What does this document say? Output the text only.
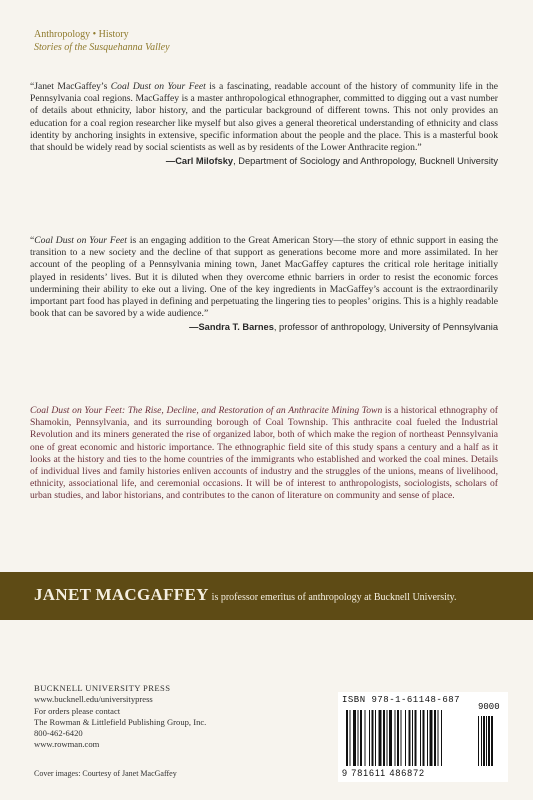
Anthropology • History
Stories of the Susquehanna Valley
“Janet MacGaffey’s Coal Dust on Your Feet is a fascinating, readable account of the history of community life in the Pennsylvania coal regions. MacGaffey is a master anthropological ethnographer, committed to digging out a vast number of details about ethnicity, labor history, and the particular background of different towns. This not only provides an education for a coal region researcher like myself but also gives a general theoretical understanding of ethnicity and class identity by anchoring insights in extensive, specific information about the people and the place. This is a masterful book that should be widely read by social scientists as well as by residents of the Lower Anthracite region.”
—Carl Milofsky, Department of Sociology and Anthropology, Bucknell University
“Coal Dust on Your Feet is an engaging addition to the Great American Story—the story of ethnic support in easing the transition to a new society and the decline of that support as generations become more and more assimilated. In her account of the peopling of a Pennsylvania mining town, Janet MacGaffey captures the critical role heritage initially played in residents’ lives. But it is diluted when they overcome ethnic barriers in order to resist the economic forces undermining their ability to eke out a living. One of the key ingredients in MacGaffey’s account is the extraordinarily important part food has played in defining and perpetuating the lingering ties to peoples’ origins. This is a highly readable book that can be savored by a wide audience.”
—Sandra T. Barnes, professor of anthropology, University of Pennsylvania
Coal Dust on Your Feet: The Rise, Decline, and Restoration of an Anthracite Mining Town is a historical ethnography of Shamokin, Pennsylvania, and its surrounding borough of Coal Township. This anthracite coal fueled the Industrial Revolution and its miners generated the rise of organized labor, both of which make the region of northeast Pennsylvania one of great economic and historic importance. The ethnographic field site of this study spans a century and a half as it looks at the history and ties to the home countries of the immigrants who established and worked the coal mines. Details of individual lives and family histories enliven accounts of industry and the struggles of the unions, means of livelihood, ethnicity, associational life, and ceremonial occasions. It will be of interest to anthropologists, sociologists, scholars of urban studies, and labor historians, and contributes to the canon of literature on community and sense of place.
JANET MACGAFFEY is professor emeritus of anthropology at Bucknell University.
BUCKNELL UNIVERSITY PRESS
www.bucknell.edu/universitypress
For orders please contact
The Rowman & Littlefield Publishing Group, Inc.
800-462-6420
www.rowman.com
Cover images: Courtesy of Janet MacGaffey
ISBN 978-1-61148-687
9000
9 781611 486872
